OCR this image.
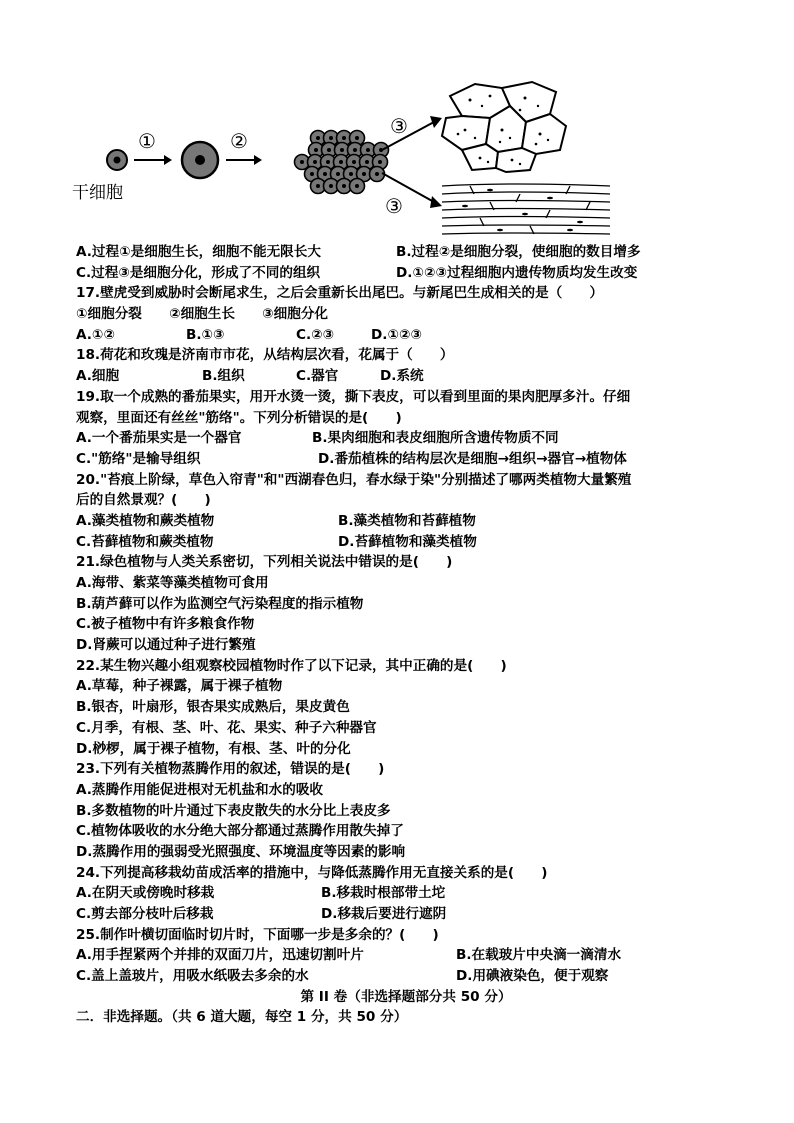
干细胞
①	②
③
③
A.过程①是细胞生长，细胞不能无限长大	B.过程②是细胞分裂，使细胞的数目增多
C.过程③是细胞分化，形成了不同的组织	D.①②③过程细胞内遗传物质均发生改变
17.壁虎受到威胁时会断尾求生，之后会重新长出尾巴。与新尾巴生成相关的是（　　）
①细胞分裂　　②细胞生长　　③细胞分化
A.①②	B.①③	C.②③	D.①②③
18.荷花和玫瑰是济南市市花，从结构层次看，花属于（　　）
A.细胞	B.组织	C.器官	D.系统
19.取一个成熟的番茄果实，用开水烫一烫，撕下表皮，可以看到里面的果肉肥厚多汁。仔细
观察，里面还有丝丝"筋络"。下列分析错误的是(　　)
A.一个番茄果实是一个器官	B.果肉细胞和表皮细胞所含遗传物质不同
C."筋络"是输导组织	D.番茄植株的结构层次是细胞→组织→器官→植物体
20."苔痕上阶绿，草色入帘青"和"西湖春色归，春水绿于染"分别描述了哪两类植物大量繁殖
后的自然景观？(　　)
A.藻类植物和蕨类植物	B.藻类植物和苔藓植物
C.苔藓植物和蕨类植物	D.苔藓植物和藻类植物
21.绿色植物与人类关系密切，下列相关说法中错误的是(　　)
A.海带、紫菜等藻类植物可食用
B.葫芦藓可以作为监测空气污染程度的指示植物
C.被子植物中有许多粮食作物
D.肾蕨可以通过种子进行繁殖
22.某生物兴趣小组观察校园植物时作了以下记录，其中正确的是(　　)
A.草莓，种子裸露，属于裸子植物
B.银杏，叶扇形，银杏果实成熟后，果皮黄色
C.月季，有根、茎、叶、花、果实、种子六种器官
D.桫椤，属于裸子植物，有根、茎、叶的分化
23.下列有关植物蒸腾作用的叙述，错误的是(　　)
A.蒸腾作用能促进根对无机盐和水的吸收
B.多数植物的叶片通过下表皮散失的水分比上表皮多
C.植物体吸收的水分绝大部分都通过蒸腾作用散失掉了
D.蒸腾作用的强弱受光照强度、环境温度等因素的影响
24.下列提高移栽幼苗成活率的措施中，与降低蒸腾作用无直接关系的是(　　)
A.在阴天或傍晚时移栽	B.移栽时根部带土坨
C.剪去部分枝叶后移栽	D.移栽后要进行遮阴
25.制作叶横切面临时切片时，下面哪一步是多余的？(　　)
A.用手捏紧两个并排的双面刀片，迅速切割叶片	B.在载玻片中央滴一滴清水
C.盖上盖玻片，用吸水纸吸去多余的水	D.用碘液染色，便于观察
第 II 卷（非选择题部分共 50 分）
二．非选择题。（共 6 道大题，每空 1 分，共 50 分）
